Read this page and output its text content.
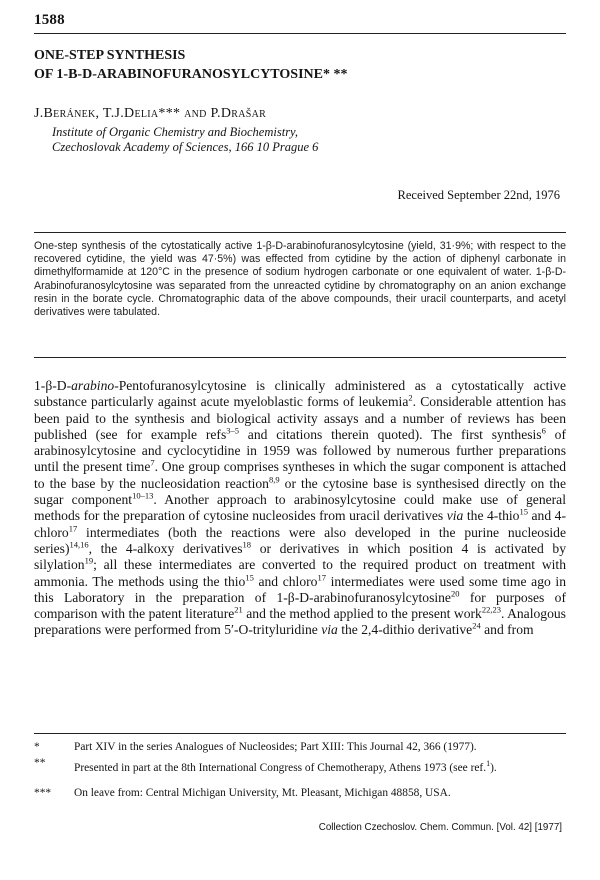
1588
ONE-STEP SYNTHESIS
OF 1-Β-D-ARABINOFURANOSYLCYTOSINE* **
J.Beránek, T.J.Delia*** and P.Drašar
Institute of Organic Chemistry and Biochemistry,
Czechoslovak Academy of Sciences, 166 10 Prague 6
Received September 22nd, 1976
One-step synthesis of the cytostatically active 1-β-D-arabinofuranosylcytosine (yield, 31·9%; with respect to the recovered cytidine, the yield was 47·5%) was effected from cytidine by the action of diphenyl carbonate in dimethylformamide at 120°C in the presence of sodium hydrogen carbonate or one equivalent of water. 1-β-D-Arabinofuranosylcytosine was separated from the unreacted cytidine by chromatography on an anion exchange resin in the borate cycle. Chromatographic data of the above compounds, their uracil counterparts, and acetyl derivatives were tabulated.
1-β-D-arabino-Pentofuranosylcytosine is clinically administered as a cytostatically active substance particularly against acute myeloblastic forms of leukemia$^2$. Considerable attention has been paid to the synthesis and biological activity assays and a number of reviews has been published (see for example refs$^{3-5}$ and citations therein quoted). The first synthesis$^6$ of arabinosylcytosine and cyclocytidine in 1959 was followed by numerous further preparations until the present time$^7$. One group comprises syntheses in which the sugar component is attached to the base by the nucleosidation reaction$^{8,9}$ or the cytosine base is synthesised directly on the sugar component$^{10-13}$. Another approach to arabinosylcytosine could make use of general methods for the preparation of cytosine nucleosides from uracil derivatives via the 4-thio$^{15}$ and 4-chloro$^{17}$ intermediates (both the reactions were also developed in the purine nucleoside series)$^{14,16}$, the 4-alkoxy derivatives$^{18}$ or derivatives in which position 4 is activated by silylation$^{19}$; all these intermediates are converted to the required product on treatment with ammonia. The methods using the thio$^{15}$ and chloro$^{17}$ intermediates were used some time ago in this Laboratory in the preparation of 1-β-D-arabinofuranosylcytosine$^{20}$ for purposes of comparison with the patent literature$^{21}$ and the method applied to the present work$^{22,23}$. Analogous preparations were performed from 5′-O-trityluridine via the 2,4-dithio derivative$^{24}$ and from
*	Part XIV in the series Analogues of Nucleosides; Part XIII: This Journal 42, 366 (1977).
**	Presented in part at the 8th International Congress of Chemotherapy, Athens 1973 (see ref.$^1$).
***	On leave from: Central Michigan University, Mt. Pleasant, Michigan 48858, USA.
Collection Czechoslov. Chem. Commun. [Vol. 42] [1977]
